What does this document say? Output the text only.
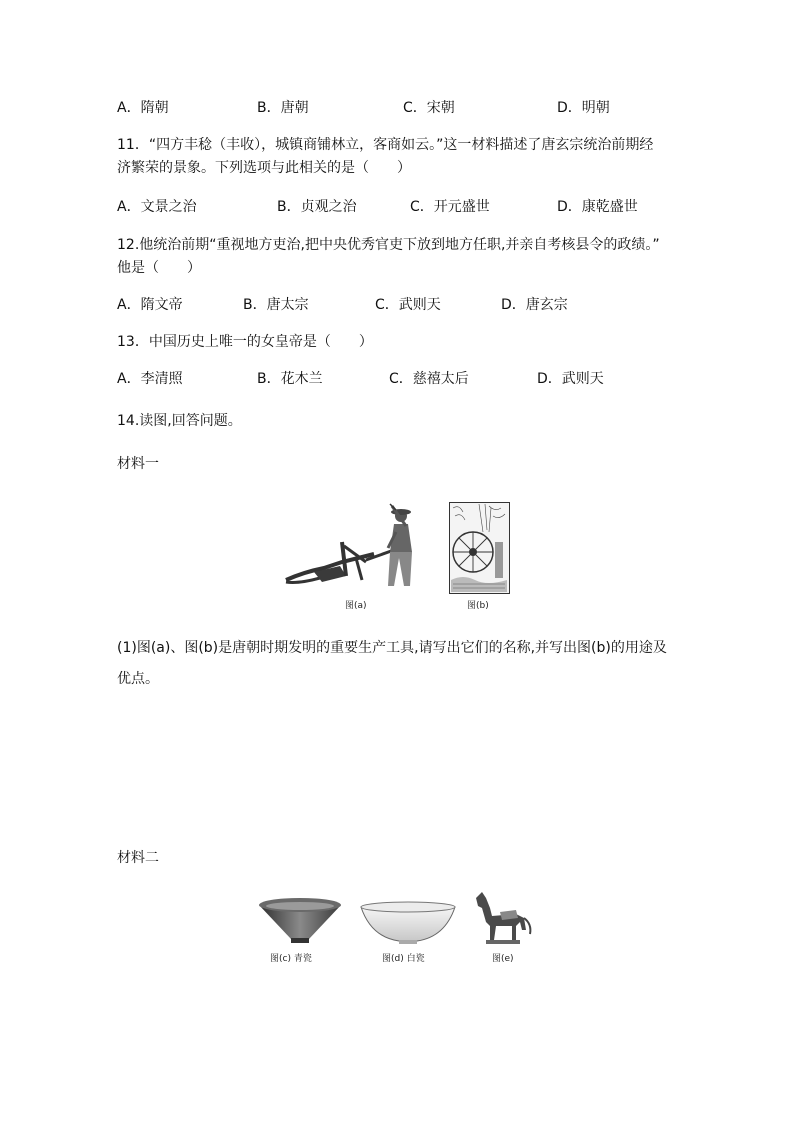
A．隋朝	B．唐朝	C．宋朝	D．明朝
11．“四方丰稔（丰收），城镇商铺林立，客商如云。”这一材料描述了唐玄宗统治前期经
济繁荣的景象。下列选项与此相关的是（　　）
A．文景之治	B．贞观之治	C．开元盛世	D．康乾盛世
12.他统治前期“重视地方吏治,把中央优秀官吏下放到地方任职,并亲自考核县令的政绩。”
他是（　　）
A．隋文帝	B．唐太宗	C．武则天	D．唐玄宗
13．中国历史上唯一的女皇帝是（　　）
A．李清照	B．花木兰	C．慈禧太后	D．武则天
14.读图,回答问题。
材料一
图(a)	图(b)
(1)图(a)、图(b)是唐朝时期发明的重要生产工具,请写出它们的名称,并写出图(b)的用途及
优点。
材料二
图(c) 青瓷	图(d) 白瓷	图(e)
